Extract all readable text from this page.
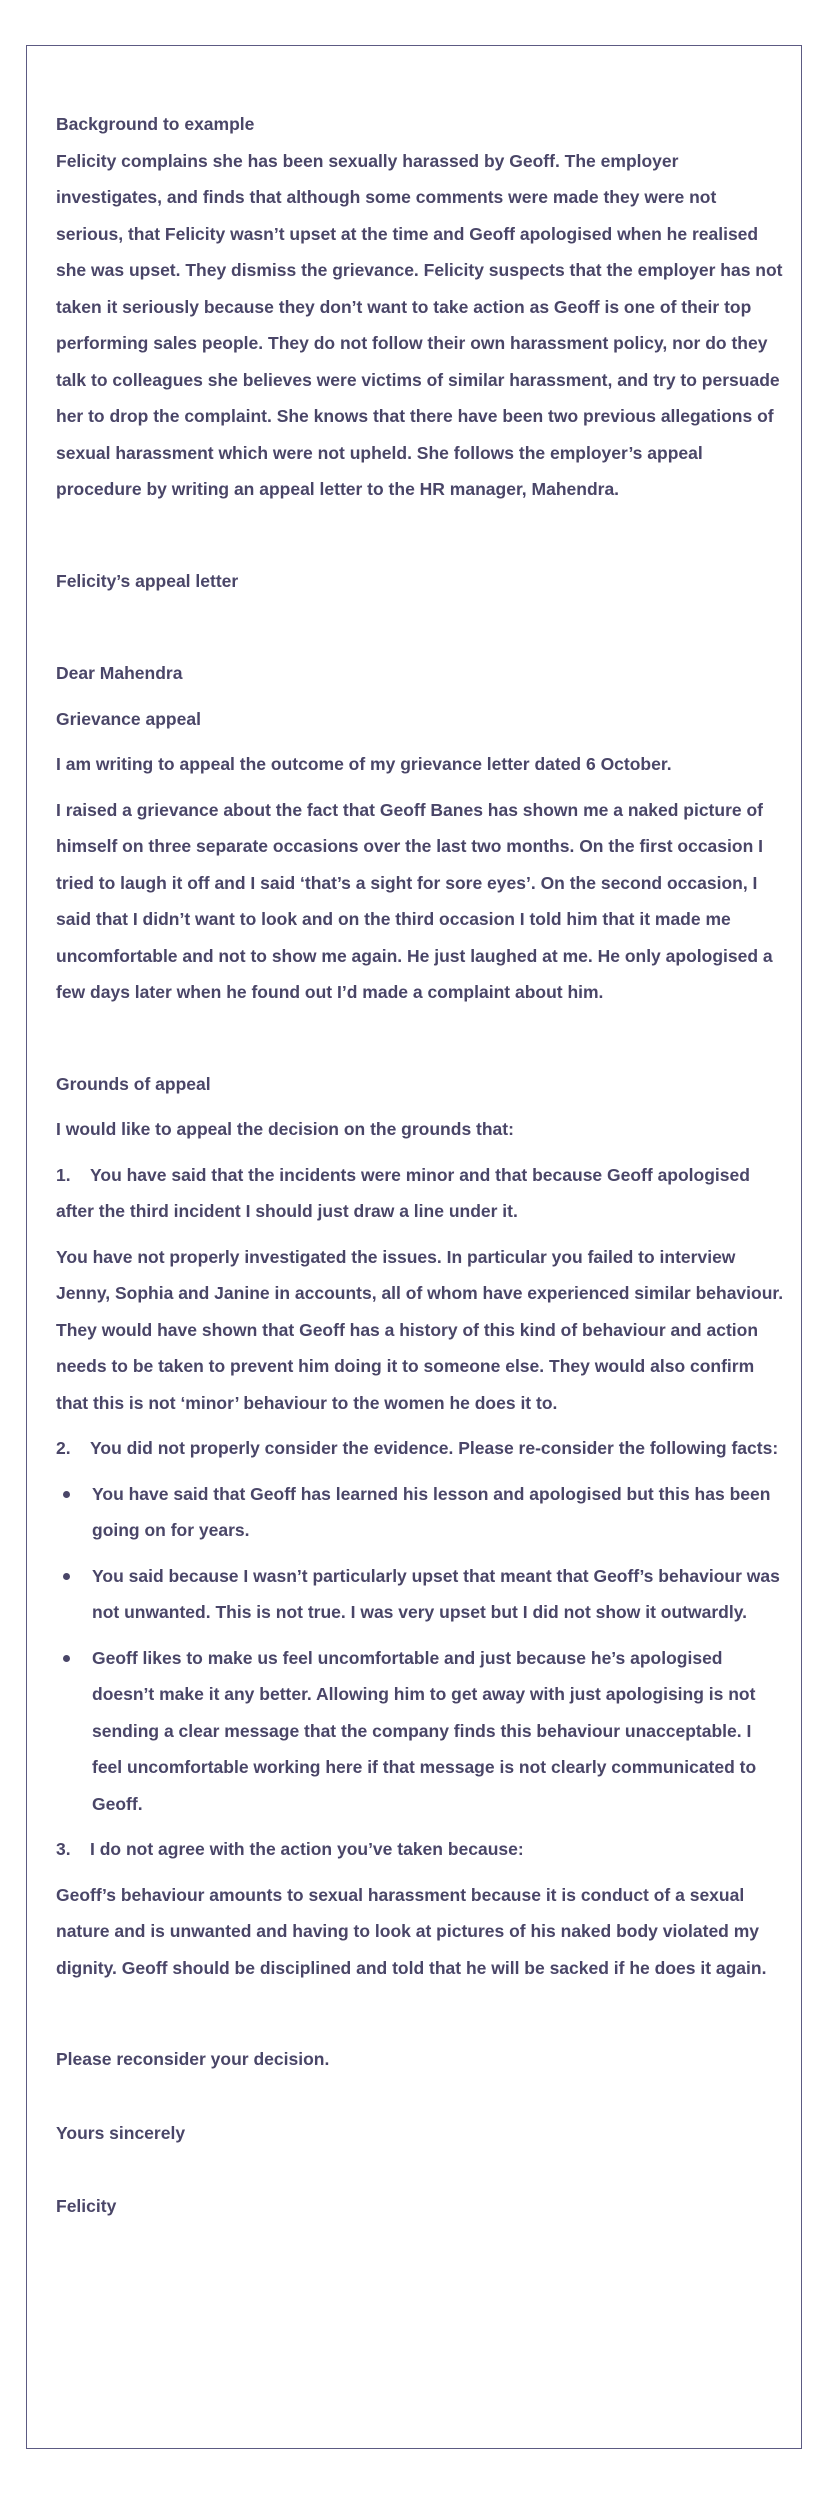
Background to example

Felicity complains she has been sexually harassed by Geoff. The employer investigates, and finds that although some comments were made they were not serious, that Felicity wasn’t upset at the time and Geoff apologised when he realised she was upset. They dismiss the grievance. Felicity suspects that the employer has not taken it seriously because they don’t want to take action as Geoff is one of their top performing sales people. They do not follow their own harassment policy, nor do they talk to colleagues she believes were victims of similar harassment, and try to persuade her to drop the complaint. She knows that there have been two previous allegations of sexual harassment which were not upheld. She follows the employer’s appeal procedure by writing an appeal letter to the HR manager, Mahendra.

Felicity’s appeal letter

Dear Mahendra

Grievance appeal

I am writing to appeal the outcome of my grievance letter dated 6 October.

I raised a grievance about the fact that Geoff Banes has shown me a naked picture of himself on three separate occasions over the last two months. On the first occasion I tried to laugh it off and I said ‘that’s a sight for sore eyes’. On the second occasion, I said that I didn’t want to look and on the third occasion I told him that it made me uncomfortable and not to show me again. He just laughed at me. He only apologised a few days later when he found out I’d made a complaint about him.

Grounds of appeal

I would like to appeal the decision on the grounds that:

1. You have said that the incidents were minor and that because Geoff apologised after the third incident I should just draw a line under it.

You have not properly investigated the issues. In particular you failed to interview Jenny, Sophia and Janine in accounts, all of whom have experienced similar behaviour. They would have shown that Geoff has a history of this kind of behaviour and action needs to be taken to prevent him doing it to someone else. They would also confirm that this is not ‘minor’ behaviour to the women he does it to.

2. You did not properly consider the evidence. Please re-consider the following facts:

You have said that Geoff has learned his lesson and apologised but this has been going on for years.
You said because I wasn’t particularly upset that meant that Geoff’s behaviour was not unwanted. This is not true. I was very upset but I did not show it outwardly.
Geoff likes to make us feel uncomfortable and just because he’s apologised doesn’t make it any better. Allowing him to get away with just apologising is not sending a clear message that the company finds this behaviour unacceptable. I feel uncomfortable working here if that message is not clearly communicated to Geoff.

3. I do not agree with the action you’ve taken because:

Geoff’s behaviour amounts to sexual harassment because it is conduct of a sexual nature and is unwanted and having to look at pictures of his naked body violated my dignity. Geoff should be disciplined and told that he will be sacked if he does it again.

Please reconsider your decision.

Yours sincerely

Felicity
